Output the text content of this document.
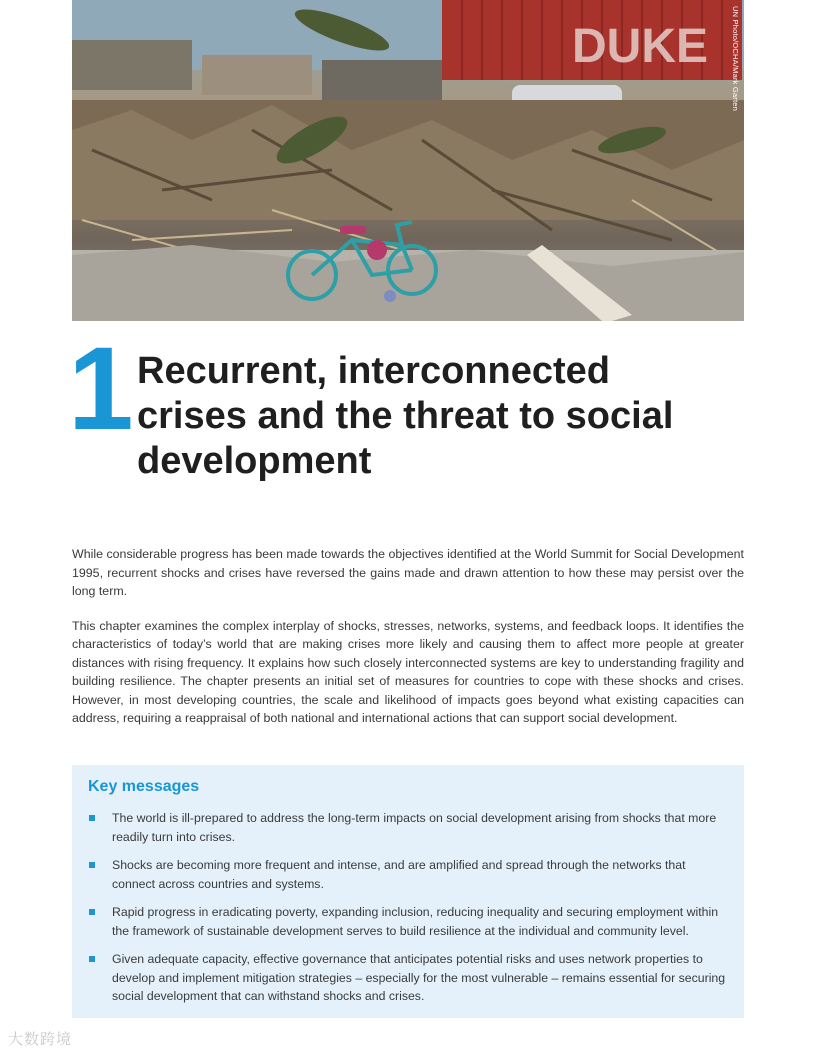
DUKE	UN Photo/OCHA/Mark Garten
1 Recurrent, interconnected crises and the threat to social development

While considerable progress has been made towards the objectives identified at the World Summit for Social Development 1995, recurrent shocks and crises have reversed the gains made and drawn attention to how these may persist over the long term.

This chapter examines the complex interplay of shocks, stresses, networks, systems, and feedback loops. It identifies the characteristics of today’s world that are making crises more likely and causing them to affect more people at greater distances with rising frequency. It explains how such closely interconnected systems are key to understanding fragility and building resilience. The chapter presents an initial set of measures for countries to cope with these shocks and crises. However, in most developing countries, the scale and likelihood of impacts goes beyond what existing capacities can address, requiring a reappraisal of both national and international actions that can support social development.

Key messages
The world is ill-prepared to address the long-term impacts on social development arising from shocks that more readily turn into crises.
Shocks are becoming more frequent and intense, and are amplified and spread through the networks that connect across countries and systems.
Rapid progress in eradicating poverty, expanding inclusion, reducing inequality and securing employment within the framework of sustainable development serves to build resilience at the individual and community level.
Given adequate capacity, effective governance that anticipates potential risks and uses network properties to develop and implement mitigation strategies – especially for the most vulnerable – remains essential for securing social development that can withstand shocks and crises.
大数跨境
